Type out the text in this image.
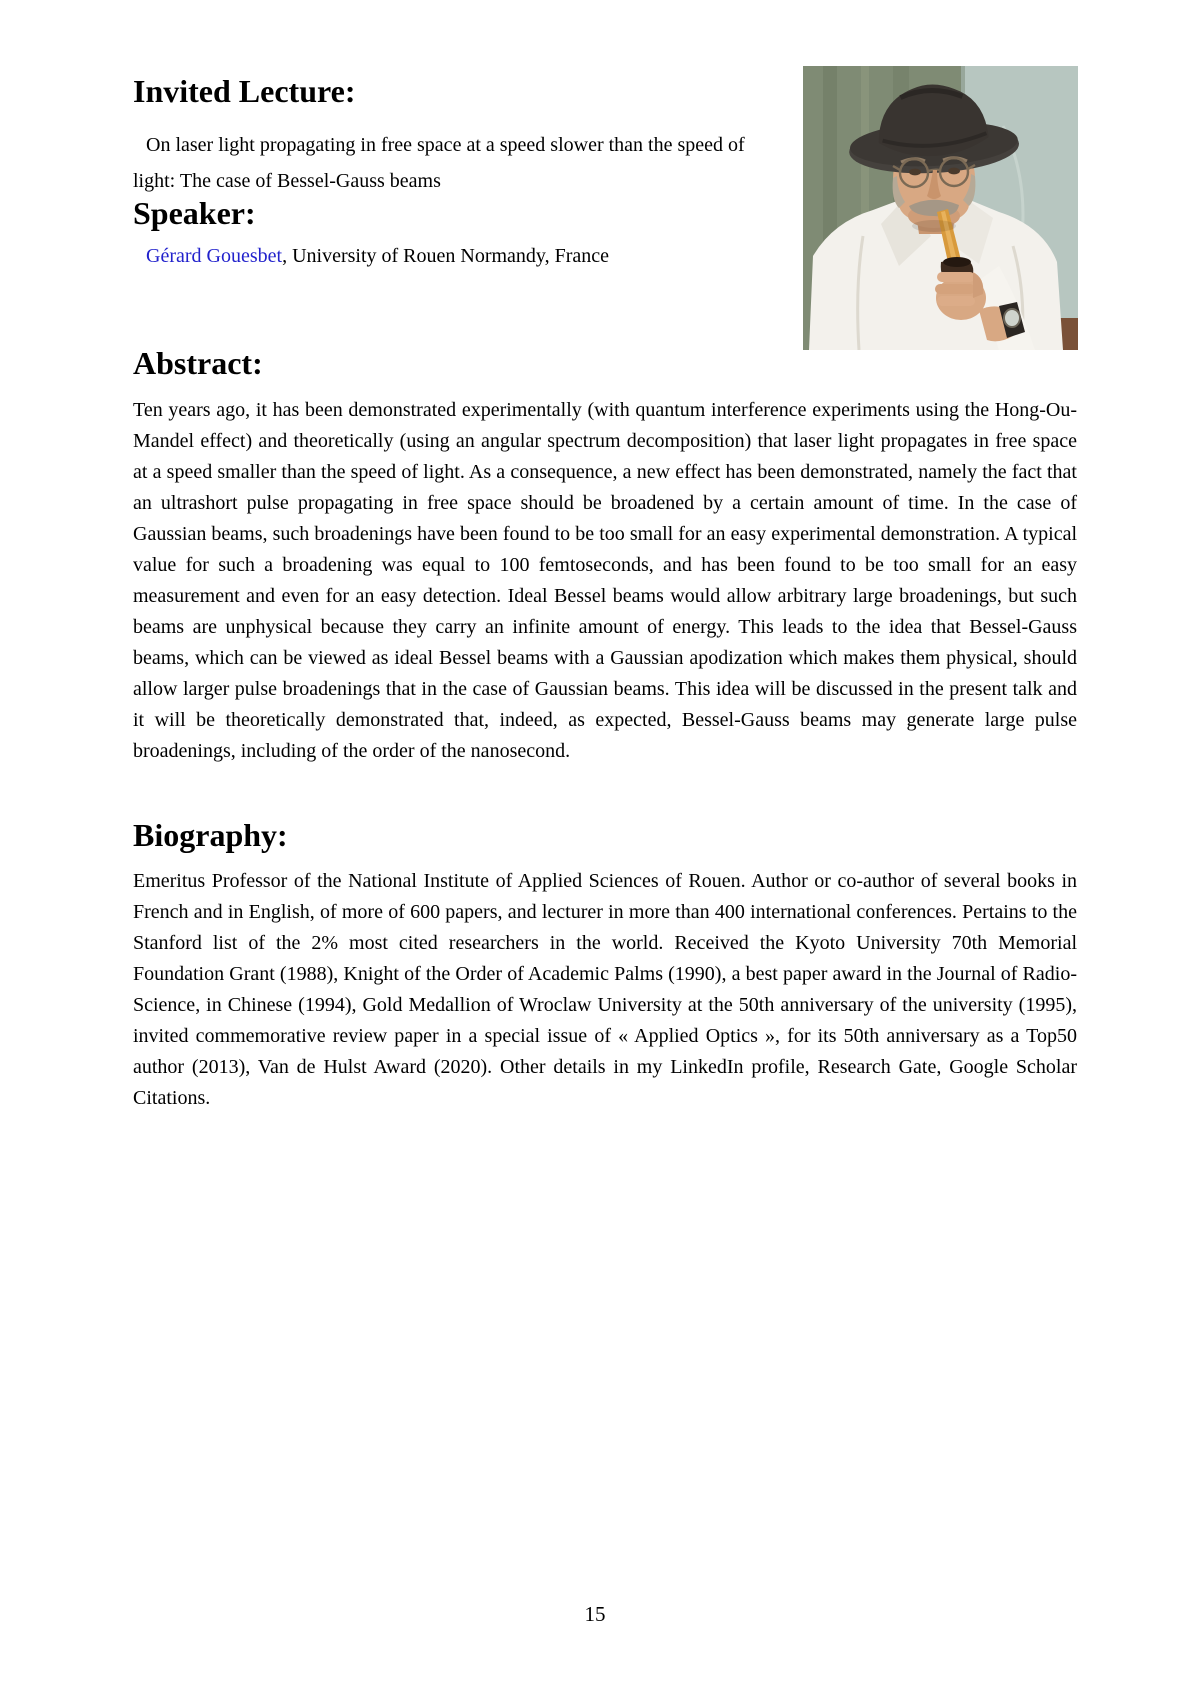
Invited Lecture:
On laser light propagating in free space at a speed slower than the speed of light: The case of Bessel-Gauss beams
Speaker:
Gérard Gouesbet, University of Rouen Normandy, France
Abstract:
Ten years ago, it has been demonstrated experimentally (with quantum interference experiments using the Hong-Ou-Mandel effect) and theoretically (using an angular spectrum decomposition) that laser light propagates in free space at a speed smaller than the speed of light. As a consequence, a new effect has been demonstrated, namely the fact that an ultrashort pulse propagating in free space should be broadened by a certain amount of time. In the case of Gaussian beams, such broadenings have been found to be too small for an easy experimental demonstration. A typical value for such a broadening was equal to 100 femtoseconds, and has been found to be too small for an easy measurement and even for an easy detection. Ideal Bessel beams would allow arbitrary large broadenings, but such beams are unphysical because they carry an infinite amount of energy. This leads to the idea that Bessel-Gauss beams, which can be viewed as ideal Bessel beams with a Gaussian apodization which makes them physical, should allow larger pulse broadenings that in the case of Gaussian beams. This idea will be discussed in the present talk and it will be theoretically demonstrated that, indeed, as expected, Bessel-Gauss beams may generate large pulse broadenings, including of the order of the nanosecond.
Biography:
Emeritus Professor of the National Institute of Applied Sciences of Rouen. Author or co-author of several books in French and in English, of more of 600 papers, and lecturer in more than 400 international conferences. Pertains to the Stanford list of the 2% most cited researchers in the world. Received the Kyoto University 70th Memorial Foundation Grant (1988), Knight of the Order of Academic Palms (1990), a best paper award in the Journal of Radio-Science, in Chinese (1994), Gold Medallion of Wroclaw University at the 50th anniversary of the university (1995), invited commemorative review paper in a special issue of « Applied Optics », for its 50th anniversary as a Top50 author (2013), Van de Hulst Award (2020). Other details in my LinkedIn profile, Research Gate, Google Scholar Citations.
15
